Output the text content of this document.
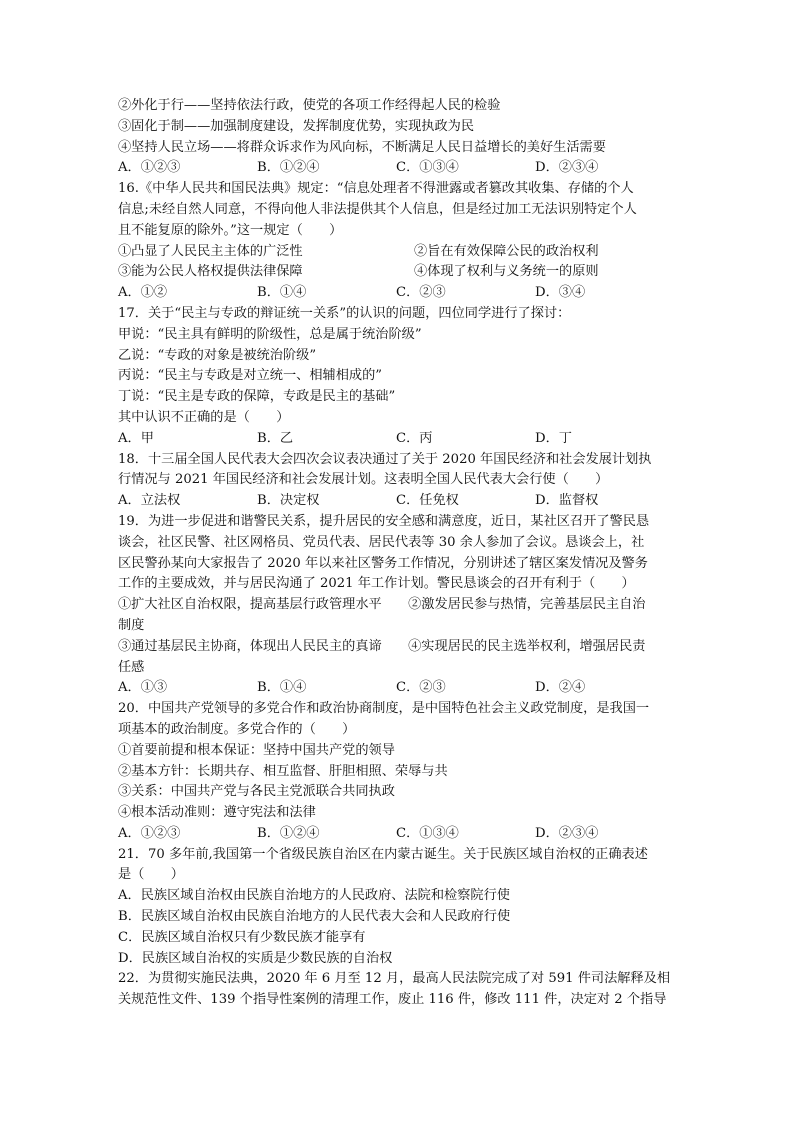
②外化于行——坚持依法行政，使党的各项工作经得起人民的检验
③固化于制——加强制度建设，发挥制度优势，实现执政为民
④坚持人民立场——将群众诉求作为风向标，不断满足人民日益增长的美好生活需要
A．①②③	B．①②④	C．①③④	D．②③④
16.《中华人民共和国民法典》规定：“信息处理者不得泄露或者篡改其收集、存储的个人
信息;未经自然人同意，不得向他人非法提供其个人信息，但是经过加工无法识别特定个人
且不能复原的除外。”这一规定（　　）
①凸显了人民民主主体的广泛性	②旨在有效保障公民的政治权利
③能为公民人格权提供法律保障	④体现了权利与义务统一的原则
A．①②	B．①④	C．②③	D．③④
17．关于“民主与专政的辩证统一关系”的认识的问题，四位同学进行了探讨：
甲说：“民主具有鲜明的阶级性，总是属于统治阶级”
乙说：“专政的对象是被统治阶级”
丙说：“民主与专政是对立统一、相辅相成的”
丁说：“民主是专政的保障，专政是民主的基础”
其中认识不正确的是（　　）
A．甲	B．乙	C．丙	D．丁
18．十三届全国人民代表大会四次会议表决通过了关于 2020 年国民经济和社会发展计划执
行情况与 2021 年国民经济和社会发展计划。这表明全国人民代表大会行使（　　）
A．立法权	B．决定权	C．任免权	D．监督权
19．为进一步促进和谐警民关系，提升居民的安全感和满意度，近日，某社区召开了警民恳
谈会，社区民警、社区网格员、党员代表、居民代表等 30 余人参加了会议。恳谈会上，社
区民警孙某向大家报告了 2020 年以来社区警务工作情况，分别讲述了辖区案发情况及警务
工作的主要成效，并与居民沟通了 2021 年工作计划。警民恳谈会的召开有利于（　　）
①扩大社区自治权限，提高基层行政管理水平　　②激发居民参与热情，完善基层民主自治
制度
③通过基层民主协商，体现出人民民主的真谛　　④实现居民的民主选举权利，增强居民责
任感
A．①③	B．①④	C．②③	D．②④
20．中国共产党领导的多党合作和政治协商制度，是中国特色社会主义政党制度，是我国一
项基本的政治制度。多党合作的（　　）
①首要前提和根本保证：坚持中国共产党的领导
②基本方针：长期共存、相互监督、肝胆相照、荣辱与共
③关系：中国共产党与各民主党派联合共同执政
④根本活动准则：遵守宪法和法律
A．①②③	B．①②④	C．①③④	D．②③④
21．70 多年前,我国第一个省级民族自治区在内蒙古诞生。关于民族区域自治权的正确表述
是（　　）
A．民族区域自治权由民族自治地方的人民政府、法院和检察院行使
B．民族区域自治权由民族自治地方的人民代表大会和人民政府行使
C．民族区域自治权只有少数民族才能享有
D．民族区域自治权的实质是少数民族的自治权
22．为贯彻实施民法典，2020 年 6 月至 12 月，最高人民法院完成了对 591 件司法解释及相
关规范性文件、139 个指导性案例的清理工作，废止 116 件，修改 111 件，决定对 2 个指导
